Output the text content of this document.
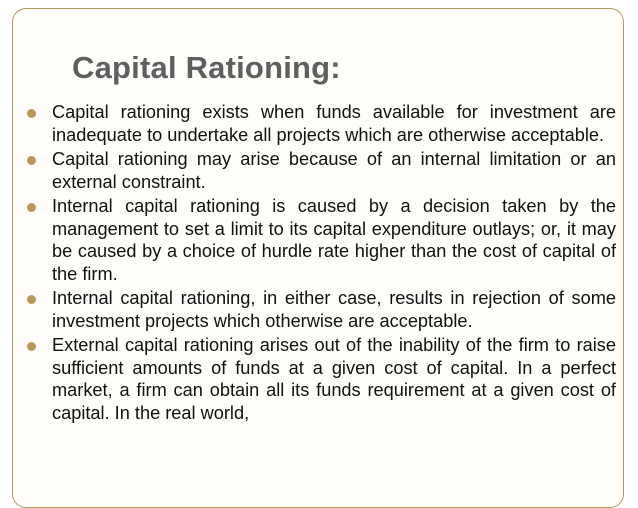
Capital Rationing:
Capital rationing exists when funds available for investment are inadequate to undertake all projects which are otherwise acceptable.
Capital rationing may arise because of an internal limitation or an external constraint.
Internal capital rationing is caused by a decision taken by the management to set a limit to its capital expenditure outlays; or, it may be caused by a choice of hurdle rate higher than the cost of capital of the firm.
Internal capital rationing, in either case, results in rejection of some investment projects which otherwise are acceptable.
External capital rationing arises out of the inability of the firm to raise sufficient amounts of funds at a given cost of capital. In a perfect market, a firm can obtain all its funds requirement at a given cost of capital. In the real world,
